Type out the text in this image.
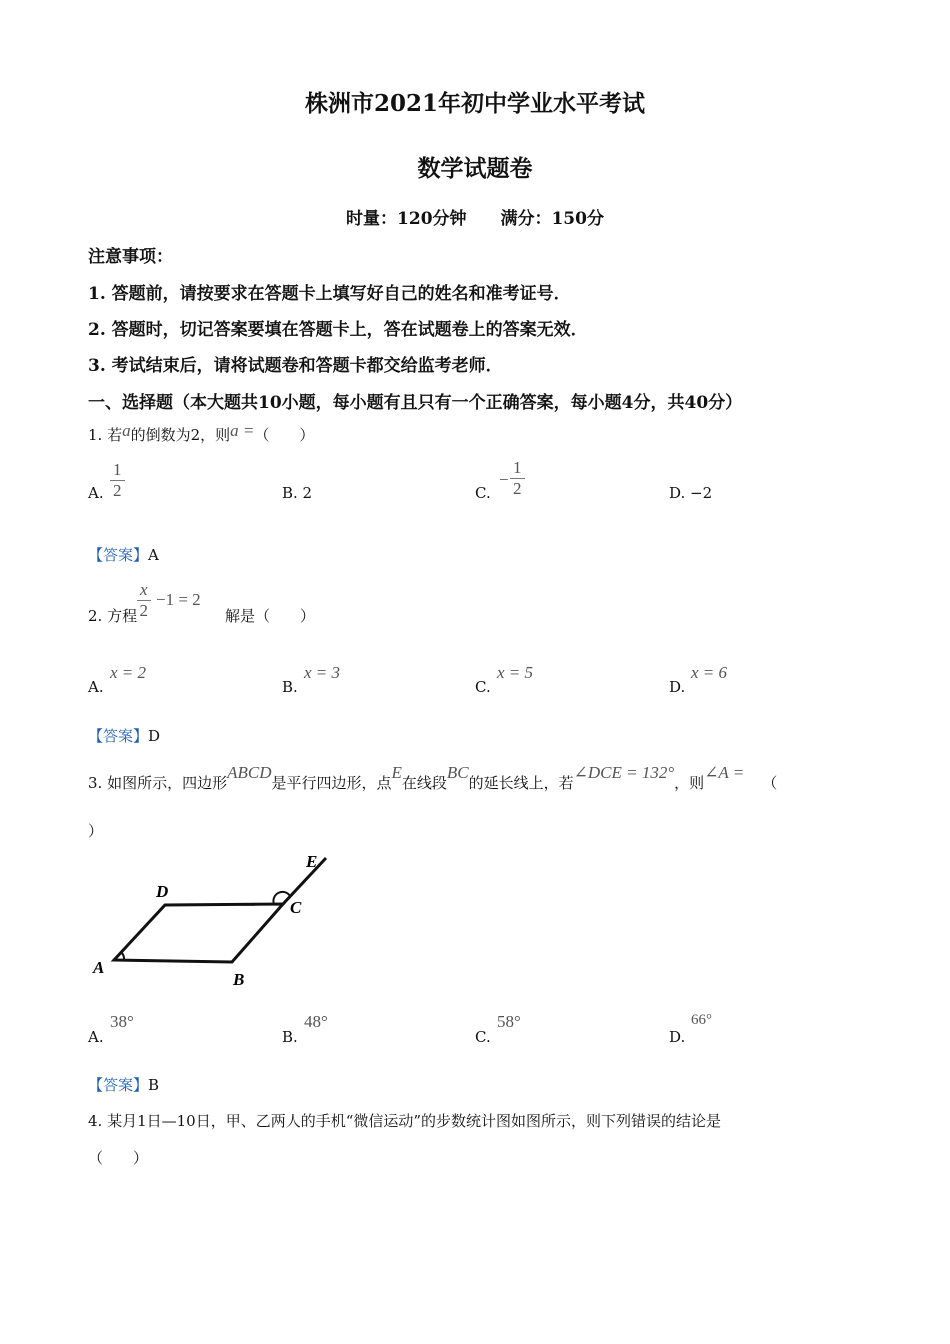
株洲市2021年初中学业水平考试
数学试题卷
时量：120分钟 满分：150分
注意事项：
1. 答题前，请按要求在答题卡上填写好自己的姓名和准考证号．
2. 答题时，切记答案要填在答题卡上，答在试题卷上的答案无效．
3. 考试结束后，请将试题卷和答题卡都交给监考老师．
一、选择题（本大题共10小题，每小题有且只有一个正确答案，每小题4分，共40分）
1. 若a的倒数为2，则a =（　　）
A. $\frac{1}{2}$	B. 2	C.
− $\frac{1}{2}$	D. −2
【答案】A
2. 方程 $\frac{x}{2} -1 = 2$
解是（　　）
A.
x = 2
B.
x = 3
C.
x = 5
D.
x = 6
【答案】D
3. 如图所示，四边形ABCD是平行四边形，点E在线段BC的延长线上，若∠DCE = 132°，则∠A =（
）
A
B
C
D
E
A.
38°
B.
48°
C.
58°
D.
66°
【答案】B
4. 某月1日—10日，甲、乙两人的手机“微信运动”的步数统计图如图所示，则下列错误的结论是
（　　）
